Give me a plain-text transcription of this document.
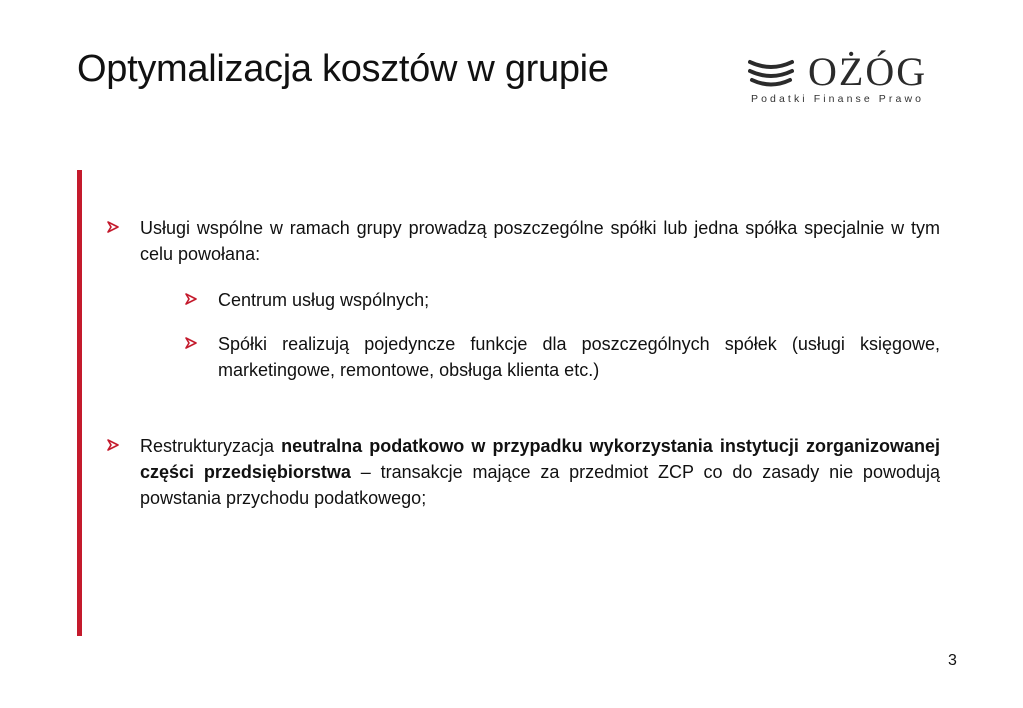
Optymalizacja kosztów w grupie	OŻÓG
Podatki Finanse Prawo

Usługi wspólne w ramach grupy prowadzą poszczególne spółki lub jedna spółka specjalnie w tym celu powołana:

Centrum usług wspólnych;

Spółki realizują pojedyncze funkcje dla poszczególnych spółek (usługi księgowe, marketingowe, remontowe, obsługa klienta etc.)

Restrukturyzacja neutralna podatkowo w przypadku wykorzystania instytucji zorganizowanej części przedsiębiorstwa – transakcje mające za przedmiot ZCP co do zasady nie powodują powstania przychodu podatkowego;

3
